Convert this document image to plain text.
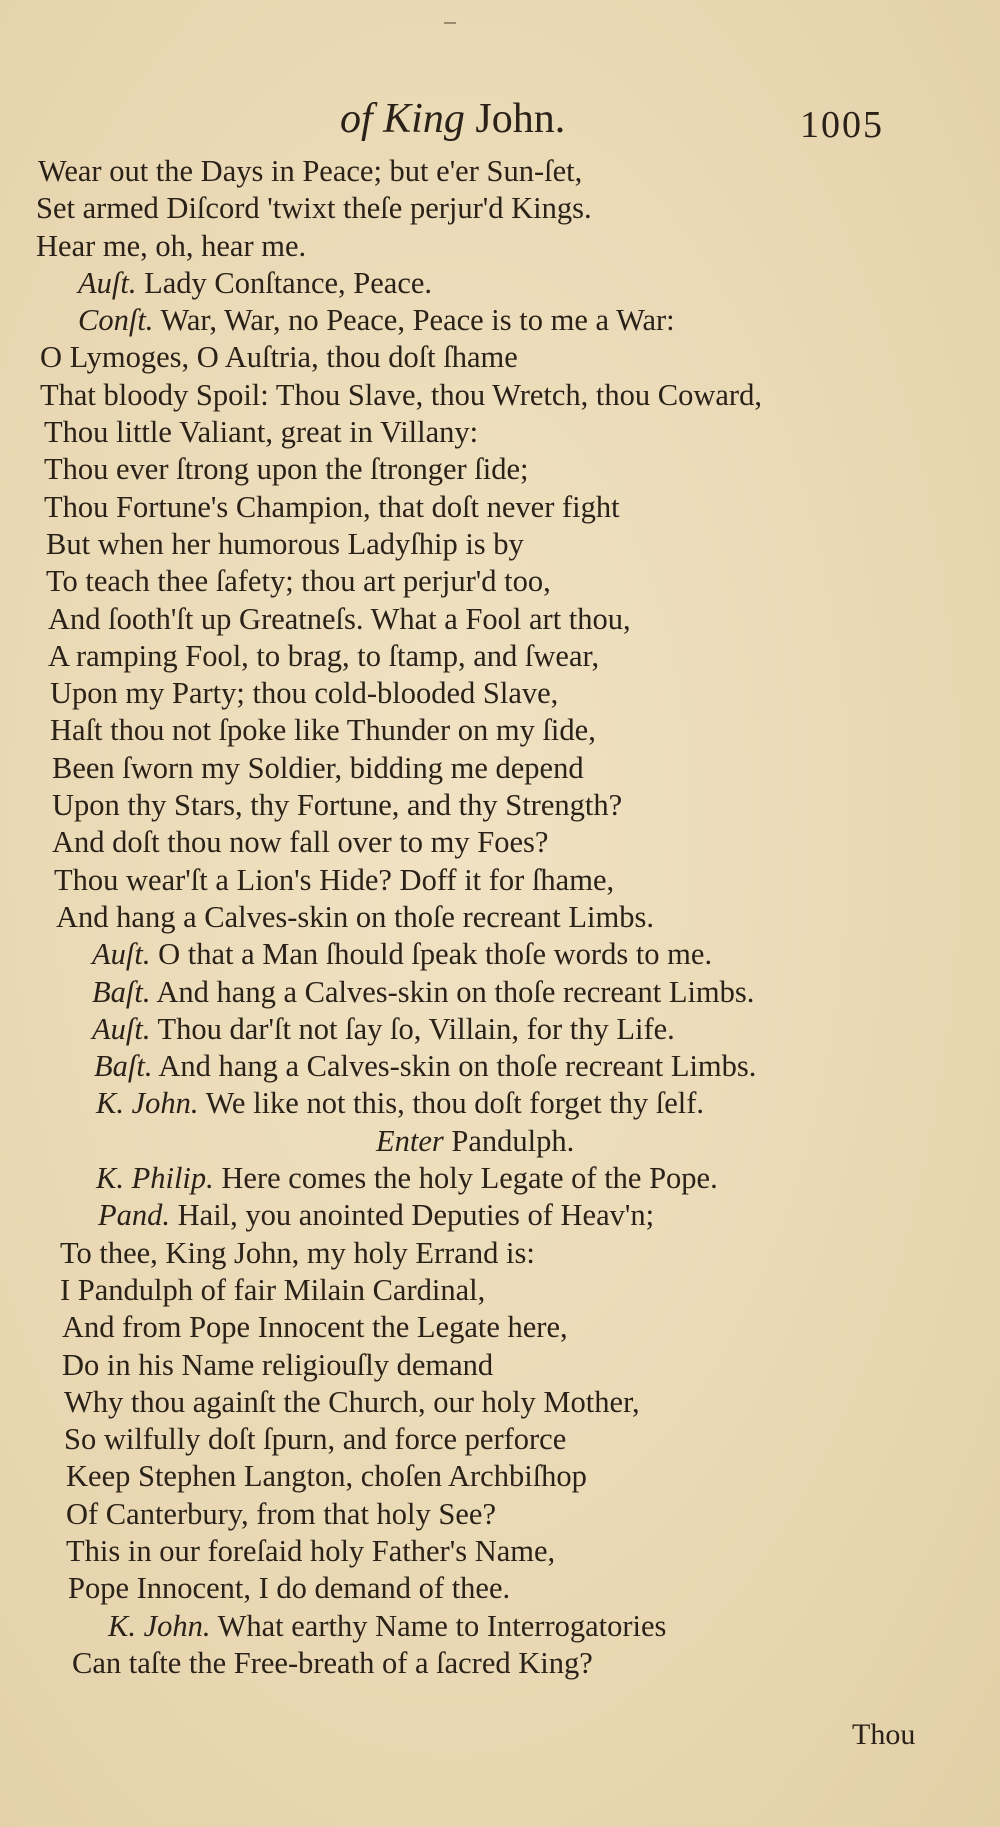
of King John.	1005
Wear out the Days in Peace; but e'er Sun-ſet,
Set armed Diſcord 'twixt theſe perjur'd Kings.
Hear me, oh, hear me.
Auſt. Lady Conſtance, Peace.
Conſt. War, War, no Peace, Peace is to me a War:
O Lymoges, O Auſtria, thou doſt ſhame
That bloody Spoil: Thou Slave, thou Wretch, thou Coward,
Thou little Valiant, great in Villany:
Thou ever ſtrong upon the ſtronger ſide;
Thou Fortune's Champion, that doſt never fight
But when her humorous Ladyſhip is by
To teach thee ſafety; thou art perjur'd too,
And ſooth'ſt up Greatneſs. What a Fool art thou,
A ramping Fool, to brag, to ſtamp, and ſwear,
Upon my Party; thou cold-blooded Slave,
Haſt thou not ſpoke like Thunder on my ſide,
Been ſworn my Soldier, bidding me depend
Upon thy Stars, thy Fortune, and thy Strength?
And doſt thou now fall over to my Foes?
Thou wear'ſt a Lion's Hide? Doff it for ſhame,
And hang a Calves-skin on thoſe recreant Limbs.
Auſt. O that a Man ſhould ſpeak thoſe words to me.
Baſt. And hang a Calves-skin on thoſe recreant Limbs.
Auſt. Thou dar'ſt not ſay ſo, Villain, for thy Life.
Baſt. And hang a Calves-skin on thoſe recreant Limbs.
K. John. We like not this, thou doſt forget thy ſelf.
Enter Pandulph.
K. Philip. Here comes the holy Legate of the Pope.
Pand. Hail, you anointed Deputies of Heav'n;
To thee, King John, my holy Errand is:
I Pandulph of fair Milain Cardinal,
And from Pope Innocent the Legate here,
Do in his Name religiouſly demand
Why thou againſt the Church, our holy Mother,
So wilfully doſt ſpurn, and force perforce
Keep Stephen Langton, choſen Archbiſhop
Of Canterbury, from that holy See?
This in our foreſaid holy Father's Name,
Pope Innocent, I do demand of thee.
K. John. What earthy Name to Interrogatories
Can taſte the Free-breath of a ſacred King?
Thou
